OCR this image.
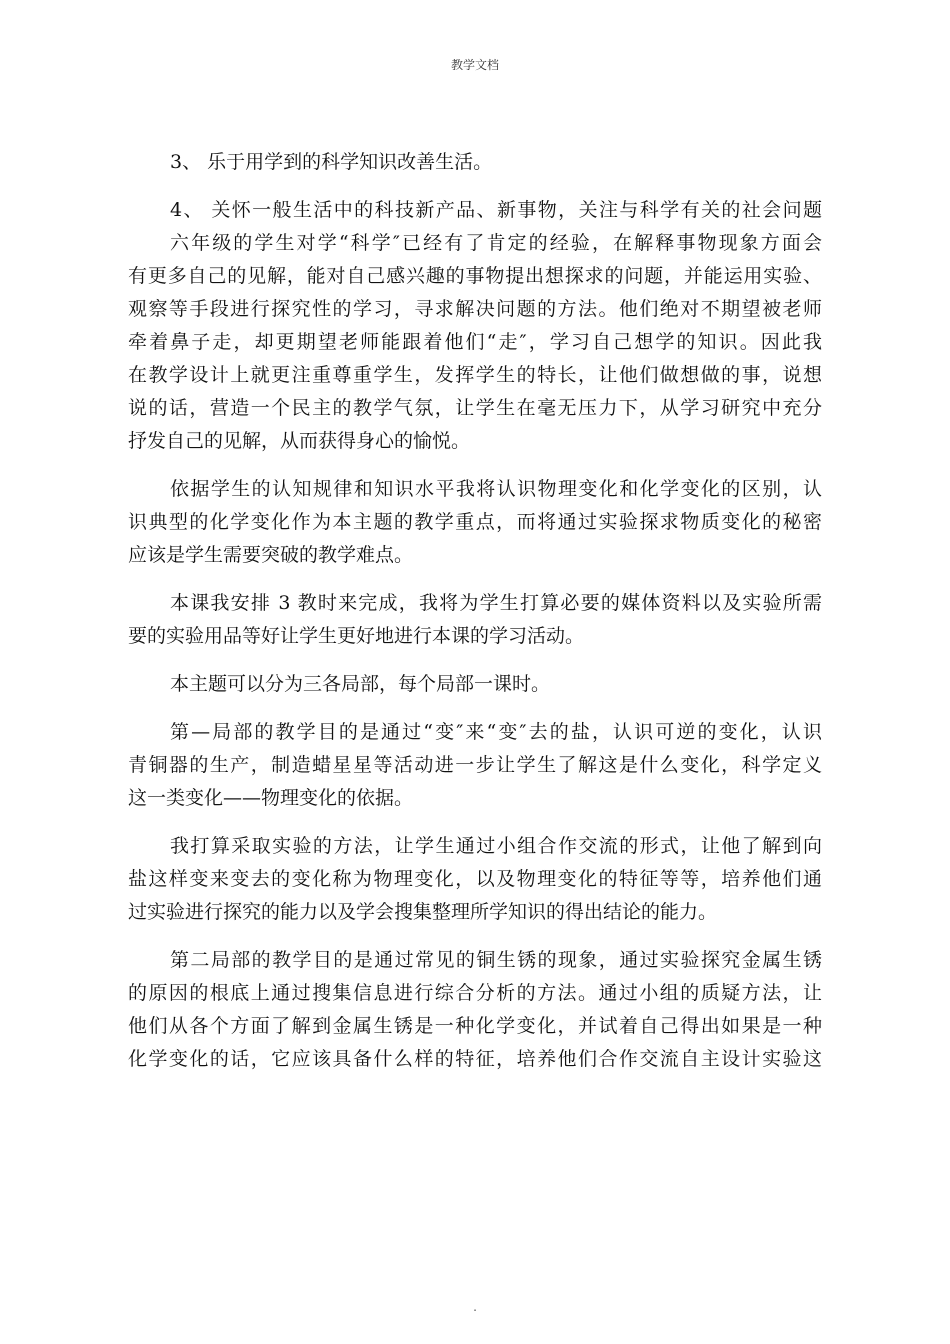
教学文档
3、 乐于用学到的科学知识改善生活。
4、 关怀一般生活中的科技新产品、新事物，关注与科学有关的社会问题
六年级的学生对学“科学″已经有了肯定的经验，在解释事物现象方面会
有更多自己的见解，能对自己感兴趣的事物提出想探求的问题，并能运用实验、
观察等手段进行探究性的学习，寻求解决问题的方法。他们绝对不期望被老师
牵着鼻子走，却更期望老师能跟着他们“走″，学习自己想学的知识。因此我
在教学设计上就更注重尊重学生，发挥学生的特长，让他们做想做的事，说想
说的话，营造一个民主的教学气氛，让学生在毫无压力下，从学习研究中充分
抒发自己的见解，从而获得身心的愉悦。
依据学生的认知规律和知识水平我将认识物理变化和化学变化的区别，认
识典型的化学变化作为本主题的教学重点，而将通过实验探求物质变化的秘密
应该是学生需要突破的教学难点。
本课我安排 3 教时来完成，我将为学生打算必要的媒体资料以及实验所需
要的实验用品等好让学生更好地进行本课的学习活动。
本主题可以分为三各局部，每个局部一课时。
第—局部的教学目的是通过“变″来“变″去的盐，认识可逆的变化，认识
青铜器的生产，制造蜡星星等活动进一步让学生了解这是什么变化，科学定义
这一类变化——物理变化的依据。
我打算采取实验的方法，让学生通过小组合作交流的形式，让他了解到向
盐这样变来变去的变化称为物理变化，以及物理变化的特征等等，培养他们通
过实验进行探究的能力以及学会搜集整理所学知识的得出结论的能力。
第二局部的教学目的是通过常见的铜生锈的现象，通过实验探究金属生锈
的原因的根底上通过搜集信息进行综合分析的方法。通过小组的质疑方法，让
他们从各个方面了解到金属生锈是一种化学变化，并试着自己得出如果是一种
化学变化的话，它应该具备什么样的特征，培养他们合作交流自主设计实验这
.
